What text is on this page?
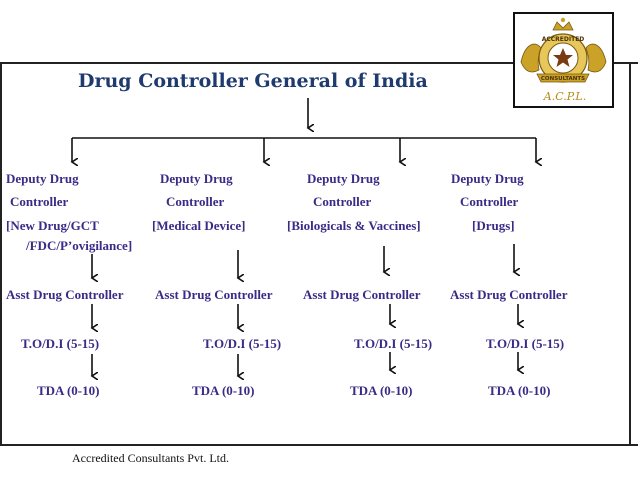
Drug Controller General of India
ACCREDITED
CONSULTANTS
A.C.P.L.
Deputy Drug	Deputy Drug	Deputy Drug	Deputy Drug
Controller	Controller	Controller	Controller
[New Drug/GCT	[Medical Device]	[Biologicals & Vaccines]	[Drugs]
/FDC/P’ovigilance]
Asst Drug Controller Asst Drug Controller Asst Drug Controller Asst Drug Controller
T.O/D.I (5-15)	T.O/D.I (5-15)	T.O/D.I (5-15)	T.O/D.I (5-15)
TDA (0-10)	TDA (0-10)	TDA (0-10)	TDA (0-10)
Accredited Consultants Pvt. Ltd.
